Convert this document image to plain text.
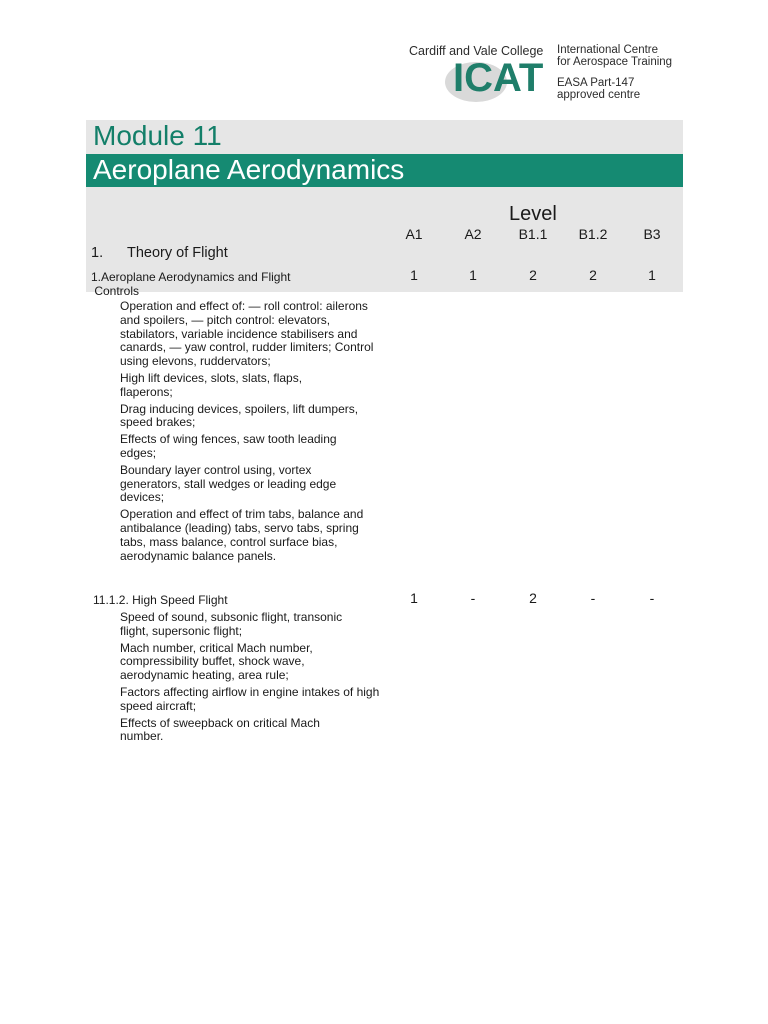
Cardiff and Vale College
ICAT
International Centre
for Aerospace Training
EASA Part-147
approved centre
Module 11
Aeroplane Aerodynamics
Level
A1	A2	B1.1	B1.2	B3
1. Theory of Flight
1.Aeroplane Aerodynamics and Flight
Controls
1	1	2	2	1

Operation and effect of: — roll control: ailerons and spoilers, — pitch control: elevators, stabilators, variable incidence stabilisers and canards, — yaw control, rudder limiters; Control using elevons, ruddervators;

High lift devices, slots, slats, flaps, flaperons;

Drag inducing devices, spoilers, lift dumpers, speed brakes;

Effects of wing fences, saw tooth leading edges;

Boundary layer control using, vortex generators, stall wedges or leading edge devices;

Operation and effect of trim tabs, balance and antibalance (leading) tabs, servo tabs, spring tabs, mass balance, control surface bias, aerodynamic balance panels.

11.1.2. High Speed Flight	1	-	2	-	-

Speed of sound, subsonic flight, transonic flight, supersonic flight;

Mach number, critical Mach number, compressibility buffet, shock wave, aerodynamic heating, area rule;

Factors affecting airflow in engine intakes of high speed aircraft;

Effects of sweepback on critical Mach number.
